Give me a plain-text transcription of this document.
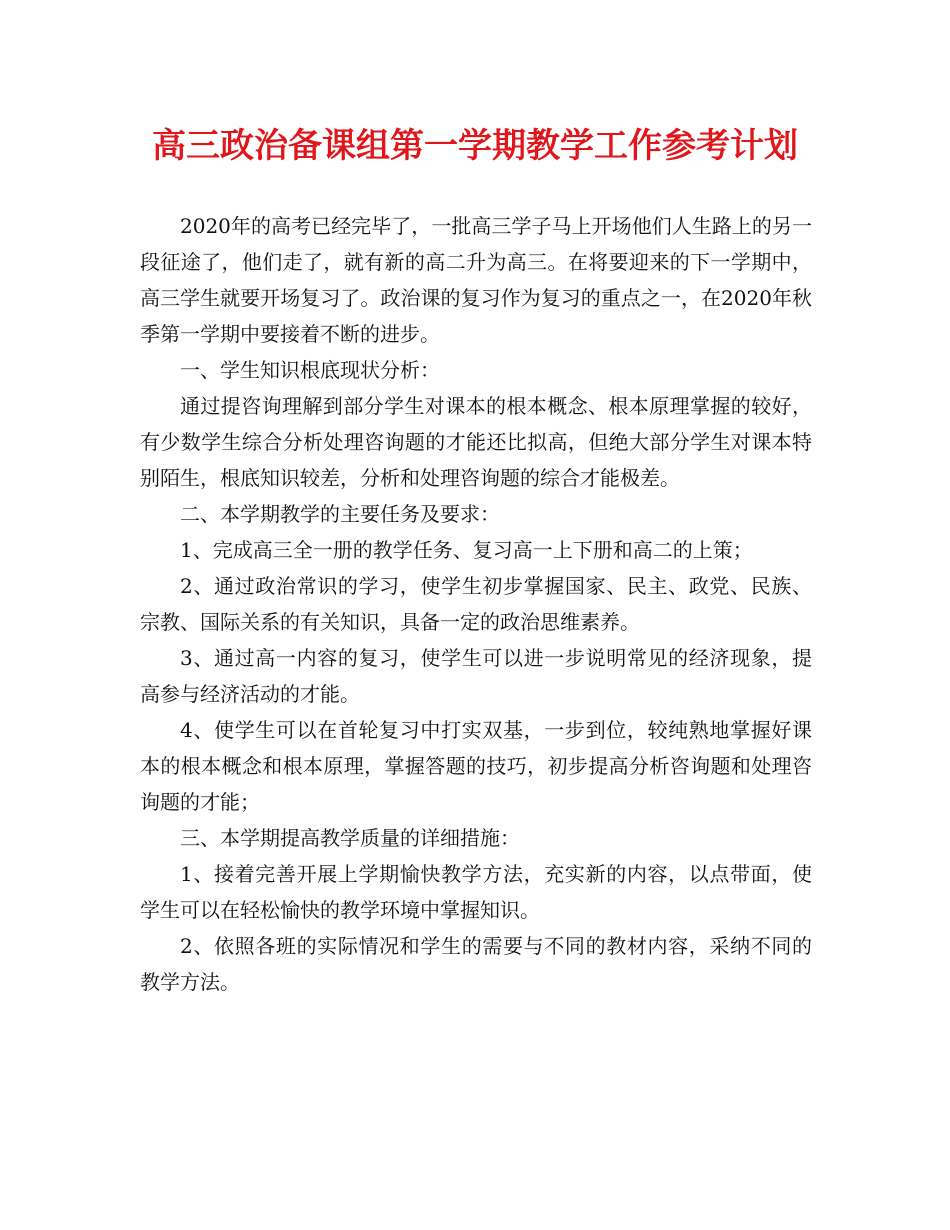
高三政治备课组第一学期教学工作参考计划

2020年的高考已经完毕了，一批高三学子马上开场他们人生路上的另一段征途了，他们走了，就有新的高二升为高三。在将要迎来的下一学期中，高三学生就要开场复习了。政治课的复习作为复习的重点之一，在2020年秋季第一学期中要接着不断的进步。

一、学生知识根底现状分析：

通过提咨询理解到部分学生对课本的根本概念、根本原理掌握的较好，有少数学生综合分析处理咨询题的才能还比拟高，但绝大部分学生对课本特别陌生，根底知识较差，分析和处理咨询题的综合才能极差。

二、本学期教学的主要任务及要求：

1、完成高三全一册的教学任务、复习高一上下册和高二的上策；

2、通过政治常识的学习，使学生初步掌握国家、民主、政党、民族、宗教、国际关系的有关知识，具备一定的政治思维素养。

3、通过高一内容的复习，使学生可以进一步说明常见的经济现象，提高参与经济活动的才能。

4、使学生可以在首轮复习中打实双基，一步到位，较纯熟地掌握好课本的根本概念和根本原理，掌握答题的技巧，初步提高分析咨询题和处理咨询题的才能；

三、本学期提高教学质量的详细措施：

1、接着完善开展上学期愉快教学方法，充实新的内容，以点带面，使学生可以在轻松愉快的教学环境中掌握知识。

2、依照各班的实际情况和学生的需要与不同的教材内容，采纳不同的教学方法。
